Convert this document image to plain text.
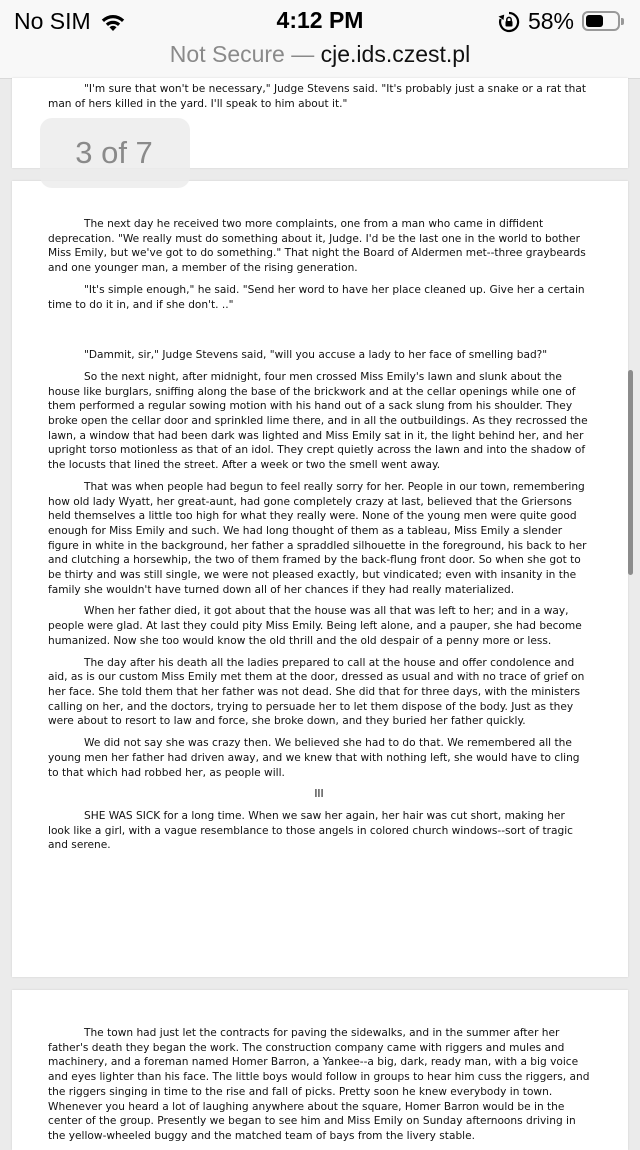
No SIM	4:12 PM	58%
Not Secure — cje.ids.czest.pl

"I'm sure that won't be necessary," Judge Stevens said. "It's probably just a snake or a rat that man of hers killed in the yard. I'll speak to him about it."

The next day he received two more complaints, one from a man who came in diffident deprecation. "We really must do something about it, Judge. I'd be the last one in the world to bother Miss Emily, but we've got to do something." That night the Board of Aldermen met--three graybeards and one younger man, a member of the rising generation.

"It's simple enough," he said. "Send her word to have her place cleaned up. Give her a certain time to do it in, and if she don't. .."

"Dammit, sir," Judge Stevens said, "will you accuse a lady to her face of smelling bad?"

So the next night, after midnight, four men crossed Miss Emily's lawn and slunk about the house like burglars, sniffing along the base of the brickwork and at the cellar openings while one of them performed a regular sowing motion with his hand out of a sack slung from his shoulder. They broke open the cellar door and sprinkled lime there, and in all the outbuildings. As they recrossed the lawn, a window that had been dark was lighted and Miss Emily sat in it, the light behind her, and her upright torso motionless as that of an idol. They crept quietly across the lawn and into the shadow of the locusts that lined the street. After a week or two the smell went away.

That was when people had begun to feel really sorry for her. People in our town, remembering how old lady Wyatt, her great-aunt, had gone completely crazy at last, believed that the Griersons held themselves a little too high for what they really were. None of the young men were quite good enough for Miss Emily and such. We had long thought of them as a tableau, Miss Emily a slender figure in white in the background, her father a spraddled silhouette in the foreground, his back to her and clutching a horsewhip, the two of them framed by the back-flung front door. So when she got to be thirty and was still single, we were not pleased exactly, but vindicated; even with insanity in the family she wouldn't have turned down all of her chances if they had really materialized.

When her father died, it got about that the house was all that was left to her; and in a way, people were glad. At last they could pity Miss Emily. Being left alone, and a pauper, she had become humanized. Now she too would know the old thrill and the old despair of a penny more or less.

The day after his death all the ladies prepared to call at the house and offer condolence and aid, as is our custom Miss Emily met them at the door, dressed as usual and with no trace of grief on her face. She told them that her father was not dead. She did that for three days, with the ministers calling on her, and the doctors, trying to persuade her to let them dispose of the body. Just as they were about to resort to law and force, she broke down, and they buried her father quickly.

We did not say she was crazy then. We believed she had to do that. We remembered all the young men her father had driven away, and we knew that with nothing left, she would have to cling to that which had robbed her, as people will.

III

SHE WAS SICK for a long time. When we saw her again, her hair was cut short, making her look like a girl, with a vague resemblance to those angels in colored church windows--sort of tragic and serene.

The town had just let the contracts for paving the sidewalks, and in the summer after her father's death they began the work. The construction company came with riggers and mules and machinery, and a foreman named Homer Barron, a Yankee--a big, dark, ready man, with a big voice and eyes lighter than his face. The little boys would follow in groups to hear him cuss the riggers, and the riggers singing in time to the rise and fall of picks. Pretty soon he knew everybody in town. Whenever you heard a lot of laughing anywhere about the square, Homer Barron would be in the center of the group. Presently we began to see him and Miss Emily on Sunday afternoons driving in the yellow-wheeled buggy and the matched team of bays from the livery stable.

3 of 7
